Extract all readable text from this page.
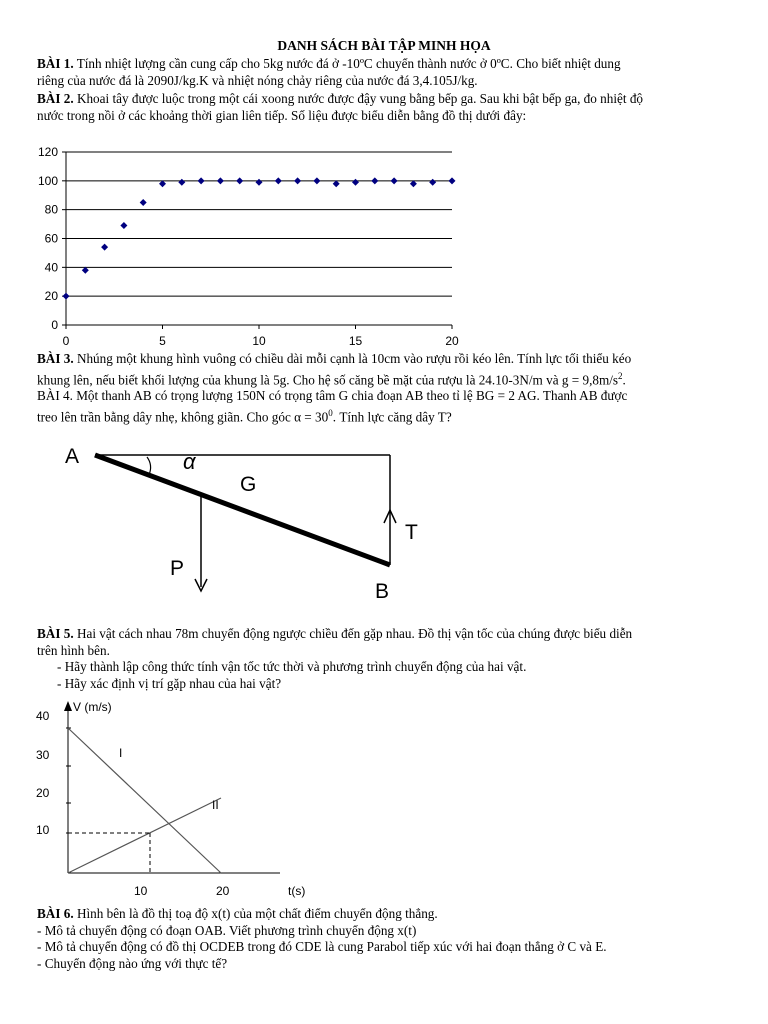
DANH SÁCH BÀI TẬP MINH HỌA

BÀI 1. Tính nhiệt lượng cần cung cấp cho 5kg nước đá ở -10ºC chuyển thành nước ở 0ºC. Cho biết nhiệt dung
riêng của nước đá là 2090J/kg.K và nhiệt nóng chảy riêng của nước đá 3,4.105J/kg.

BÀI 2. Khoai tây được luộc trong một cái xoong nước được đậy vung bằng bếp ga. Sau khi bật bếp ga, đo nhiệt độ
nước trong nồi ở các khoảng thời gian liên tiếp. Số liệu được biểu diễn bằng đồ thị dưới đây:

0
20
40
60
80
100
120
0	5	10	15	20

BÀI 3. Nhúng một khung hình vuông có chiều dài mỗi cạnh là 10cm vào rượu rồi kéo lên. Tính lực tối thiểu kéo
khung lên, nếu biết khối lượng của khung là 5g. Cho hệ số căng bề mặt của rượu là 24.10-3N/m và $g = 9,8m/s^2$.

BÀI 4. Một thanh AB có trọng lượng 150N có trọng tâm G chia đoạn AB theo tỉ lệ BG = 2 AG. Thanh AB được
treo lên trần bằng dây nhẹ, không giãn. Cho góc $\alpha = 30^0$. Tính lực căng dây T?

A	α
G
T
P
B

BÀI 5. Hai vật cách nhau 78m chuyển động ngược chiều đến gặp nhau. Đồ thị vận tốc của chúng được biểu diễn
trên hình bên.
- Hãy thành lập công thức tính vận tốc tức thời và phương trình chuyển động của hai vật.
- Hãy xác định vị trí gặp nhau của hai vật?

V (m/s)
t(s)
40
30
20
10
10	20
I
II

BÀI 6. Hình bên là đồ thị toạ độ x(t) của một chất điểm chuyển động thẳng.
- Mô tả chuyển động có đoạn OAB. Viết phương trình chuyển động x(t)
- Mô tả chuyển động có đồ thị OCDEB trong đó CDE là cung Parabol tiếp xúc với hai đoạn thẳng ở C và E.
- Chuyển động nào ứng với thực tế?
